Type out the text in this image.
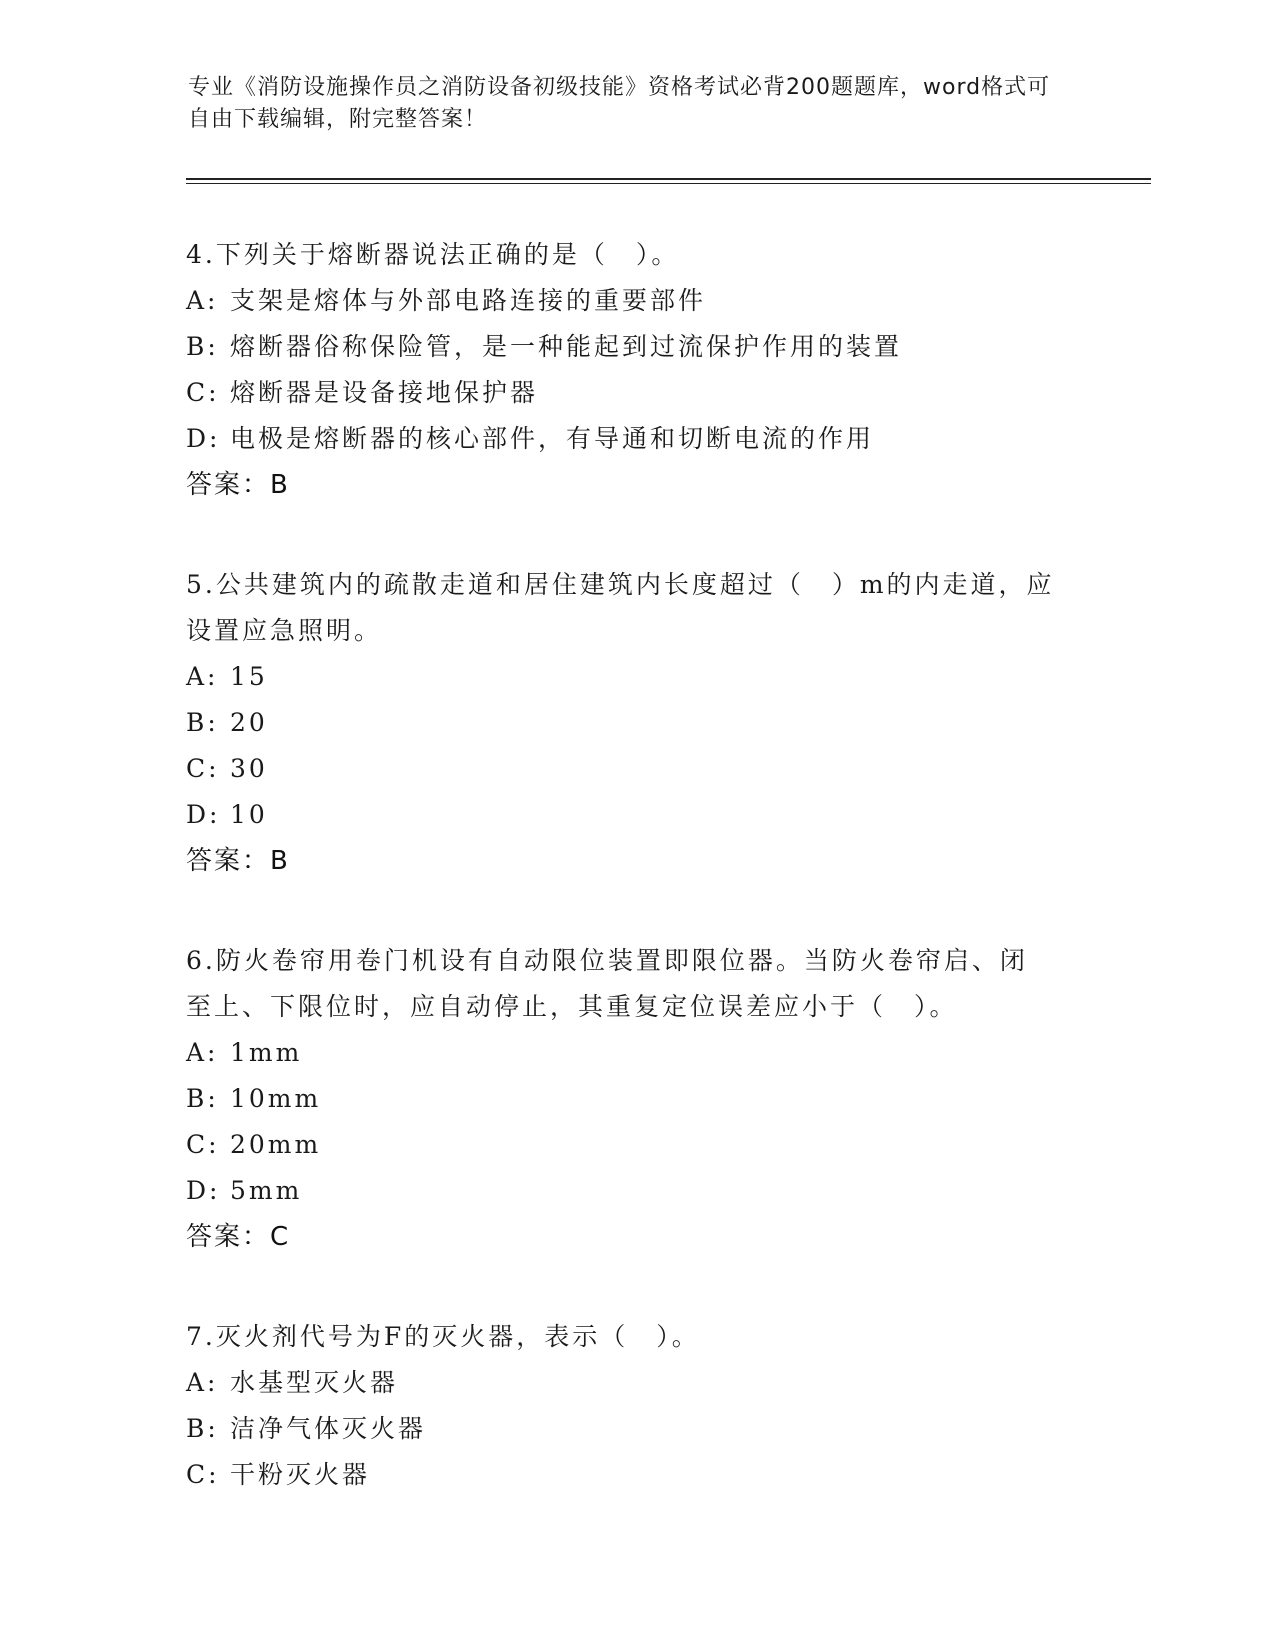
专业《消防设施操作员之消防设备初级技能》资格考试必背200题题库，word格式可自由下载编辑，附完整答案！
4.下列关于熔断器说法正确的是（　）。
A: 支架是熔体与外部电路连接的重要部件
B: 熔断器俗称保险管，是一种能起到过流保护作用的装置
C: 熔断器是设备接地保护器
D: 电极是熔断器的核心部件，有导通和切断电流的作用
答案：B
5.公共建筑内的疏散走道和居住建筑内长度超过（　）m的内走道，应
设置应急照明。
A: 15
B: 20
C: 30
D: 10
答案：B
6.防火卷帘用卷门机设有自动限位装置即限位器。当防火卷帘启、闭
至上、下限位时，应自动停止，其重复定位误差应小于（　）。
A: 1mm
B: 10mm
C: 20mm
D: 5mm
答案：C
7.灭火剂代号为F的灭火器，表示（　）。
A: 水基型灭火器
B: 洁净气体灭火器
C: 干粉灭火器
